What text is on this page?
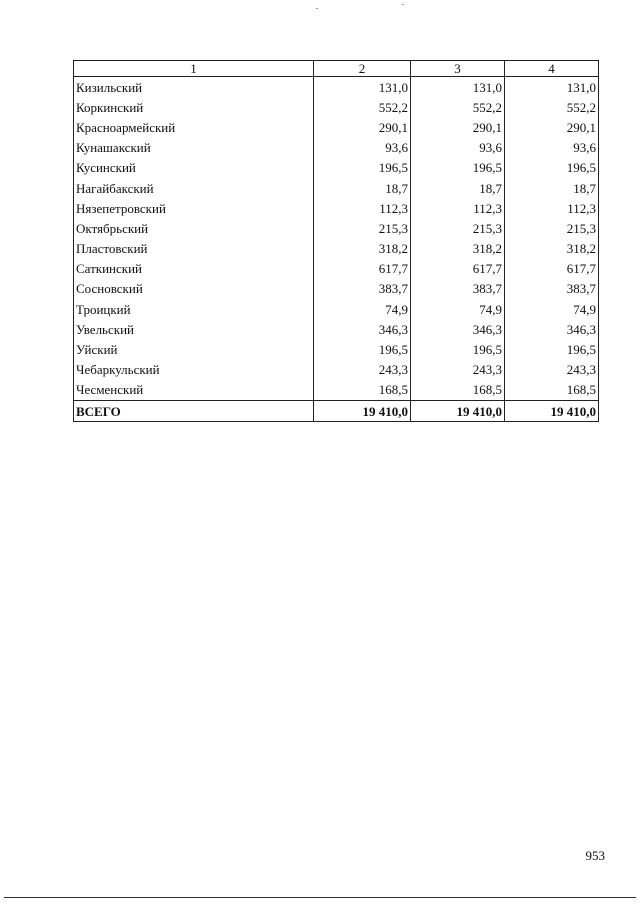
1	2	3	4
Кизильский	131,0	131,0	131,0
Коркинский	552,2	552,2	552,2
Красноармейский	290,1	290,1	290,1
Кунашакский	93,6	93,6	93,6
Кусинский	196,5	196,5	196,5
Нагайбакский	18,7	18,7	18,7
Нязепетровский	112,3	112,3	112,3
Октябрьский	215,3	215,3	215,3
Пластовский	318,2	318,2	318,2
Саткинский	617,7	617,7	617,7
Сосновский	383,7	383,7	383,7
Троицкий	74,9	74,9	74,9
Увельский	346,3	346,3	346,3
Уйский	196,5	196,5	196,5
Чебаркульский	243,3	243,3	243,3
Чесменский	168,5	168,5	168,5
ВСЕГО	19 410,0	19 410,0	19 410,0
953
